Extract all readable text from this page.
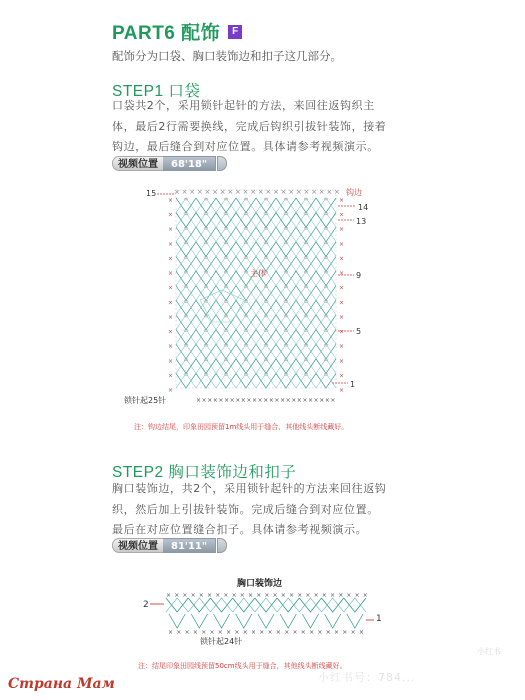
PART6 配饰	F
配饰分为口袋、胸口装饰边和扣子这几部分。
STEP1 口袋
口袋共2个，采用锁针起针的方法，来回往返钩织主
体，最后2行需要换线，完成后钩织引拔针装饰，接着
钩边，最后缝合到对应位置。具体请参考视频演示。
视频位置	68'18"
× × × × × × × × × × × × × × × × × × × × × ×
×	×
×	×
×	×
×	×
×	×
×	×
×	×
×	×
×	×
×	×
×	×
×	×
×	×
×	×
× × × × × × × × × × × × × × × × × × × × × × × × ×
× × × × × × × × × × × × × × × × × × × × × × × ×
× × × × × × × × × × × × × × × × × × × × × × × × ×
15	钩边
14
13
主体	9
5
1
锁针起25针
注：钩边结尾，印象田园预留1m线头用于缝合，其他线头断线藏好。
STEP2 胸口装饰边和扣子
胸口装饰边，共2个，采用锁针起针的方法来回往返钩
织，然后加上引拔针装饰。完成后缝合到对应位置。
最后在对应位置缝合扣子。具体请参考视频演示。
视频位置	81'11"
胸口装饰边
2
1
锁针起24针
注：结尾印象田园线预留50cm线头用于缝合，其他线头断线藏好。
小红书号：784...
小红书
Страна Мам
